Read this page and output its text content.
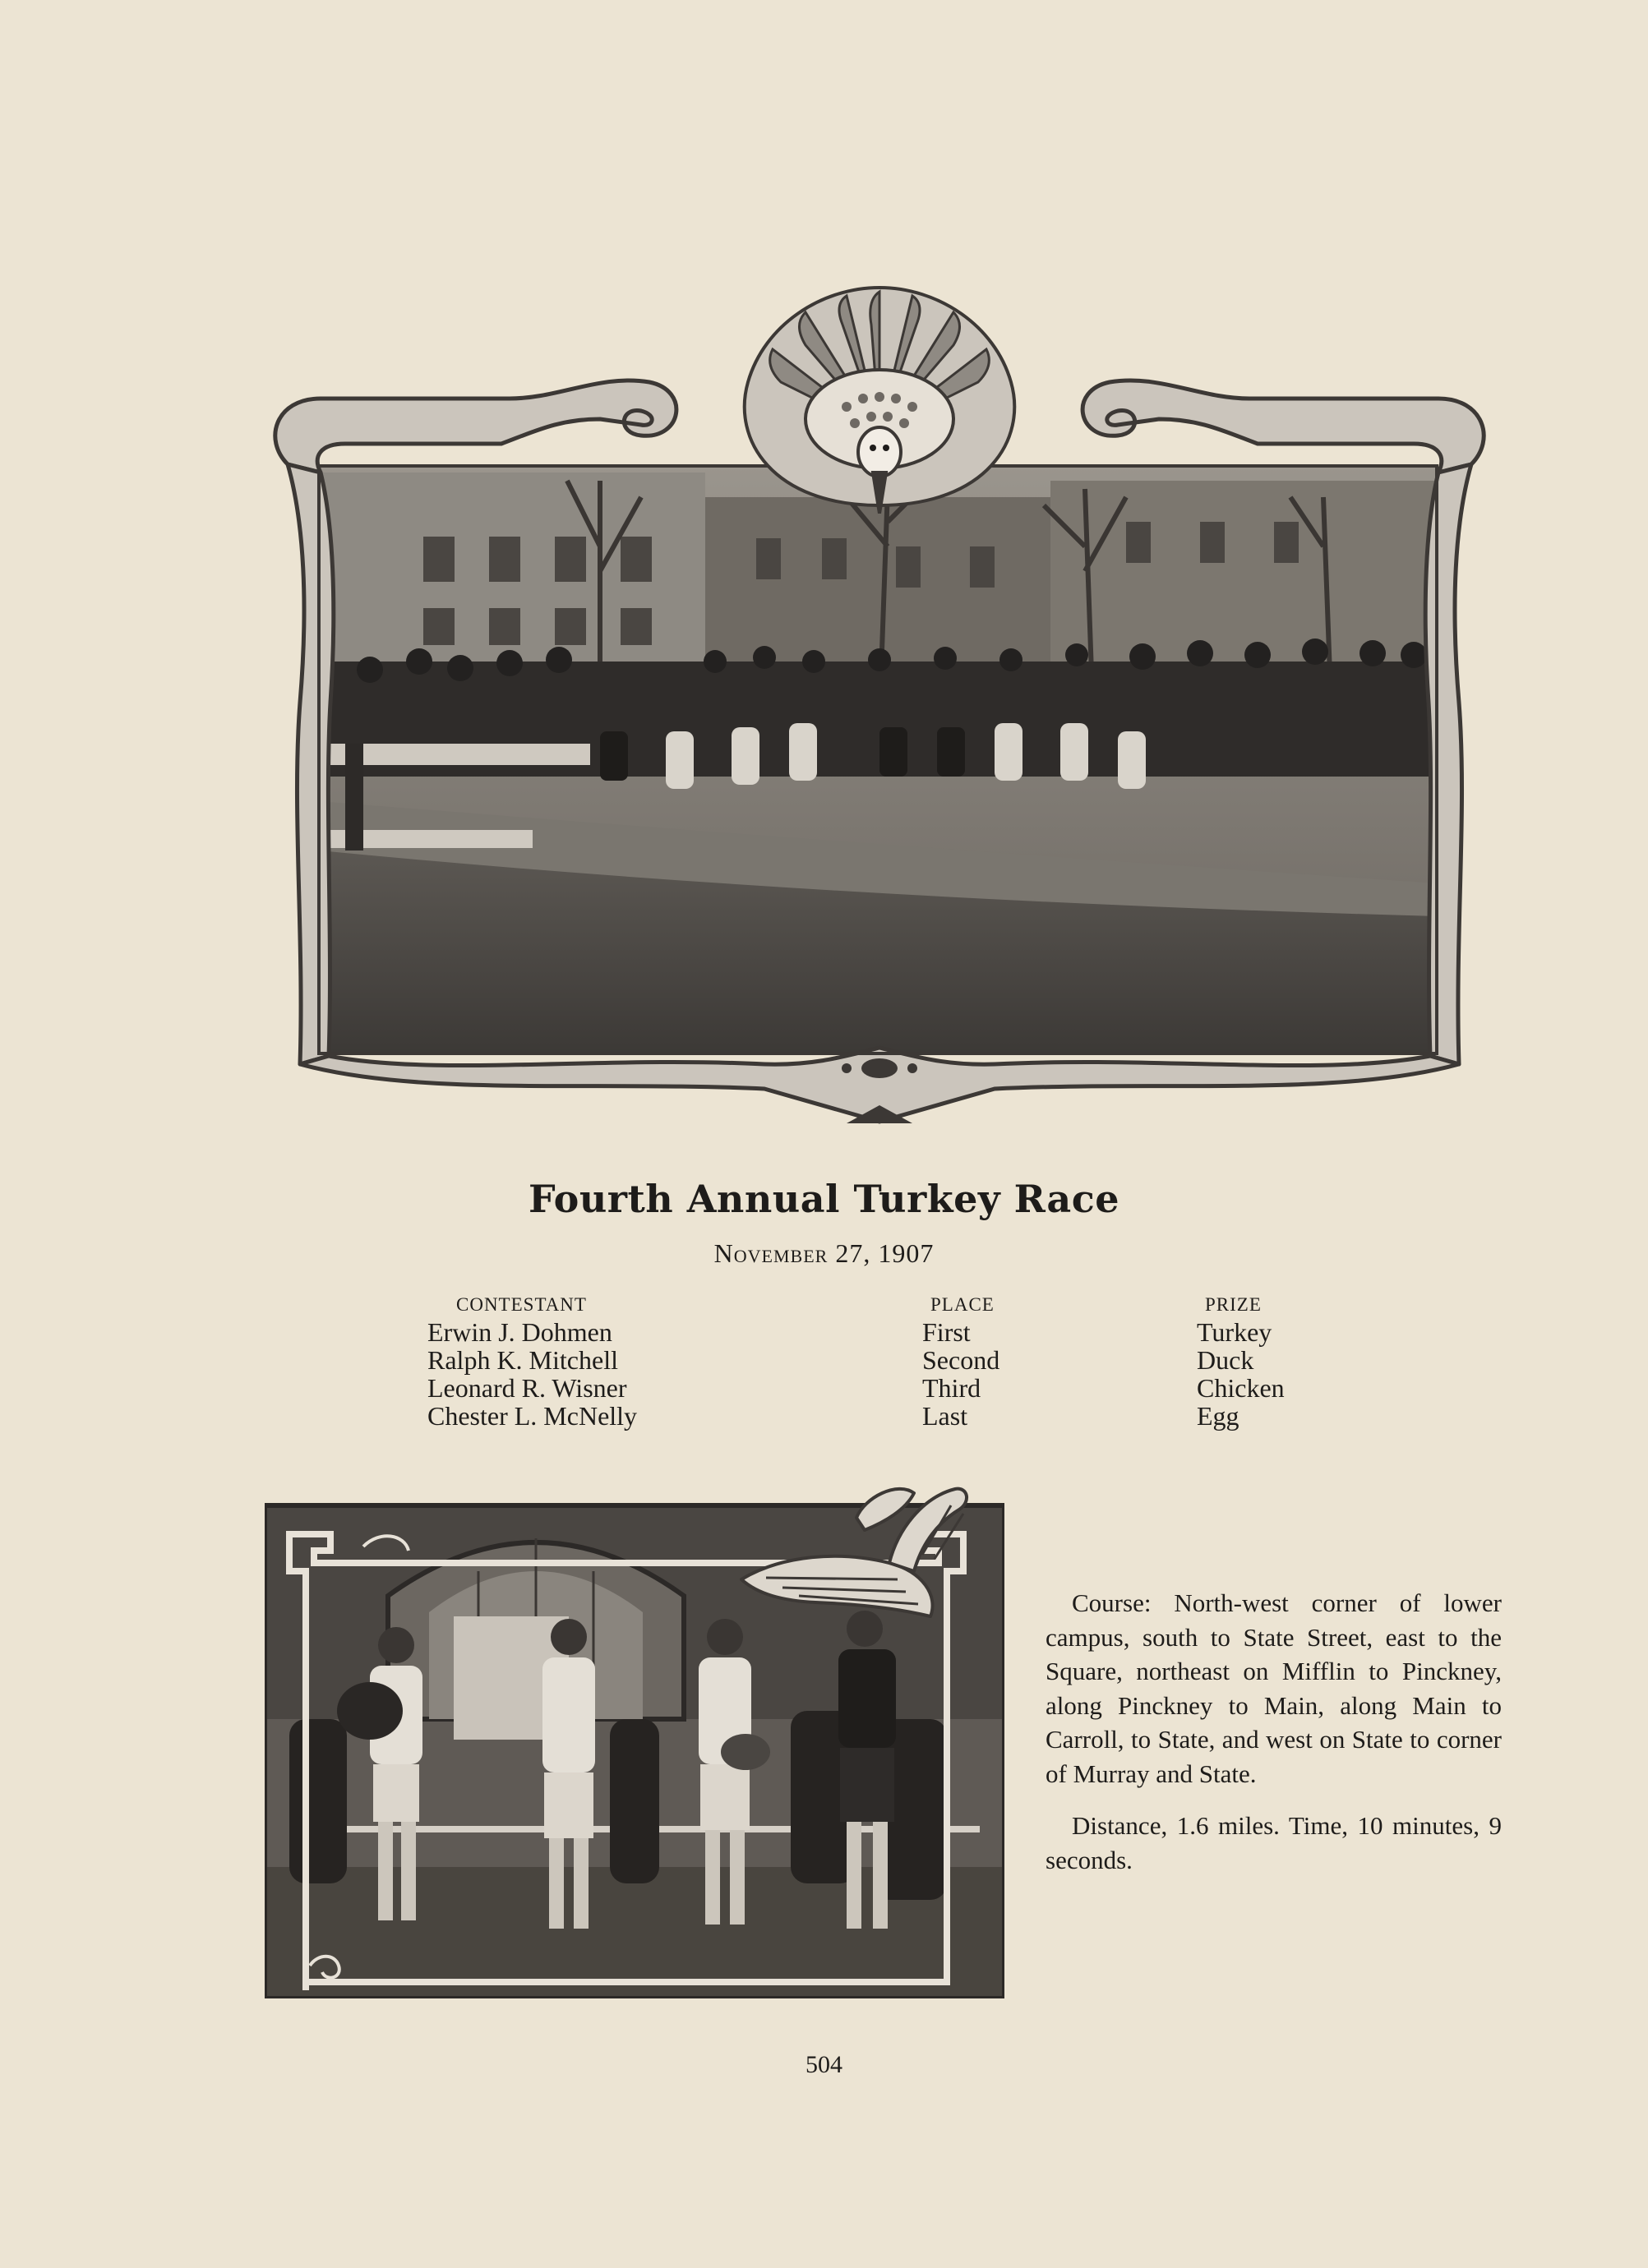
Fourth Annual Turkey Race
November 27, 1907
CONTESTANT
Erwin J. Dohmen
Ralph K. Mitchell
Leonard R. Wisner
Chester L. McNelly
PLACE
First
Second
Third
Last
PRIZE
Turkey
Duck
Chicken
Egg

Course: North-west corner of lower campus, south to State Street, east to the Square, northeast on Mifflin to Pinckney, along Pinckney to Main, along Main to Carroll, to State, and west on State to corner of Murray and State.

Distance, 1.6 miles. Time, 10 minutes, 9 seconds.

504
